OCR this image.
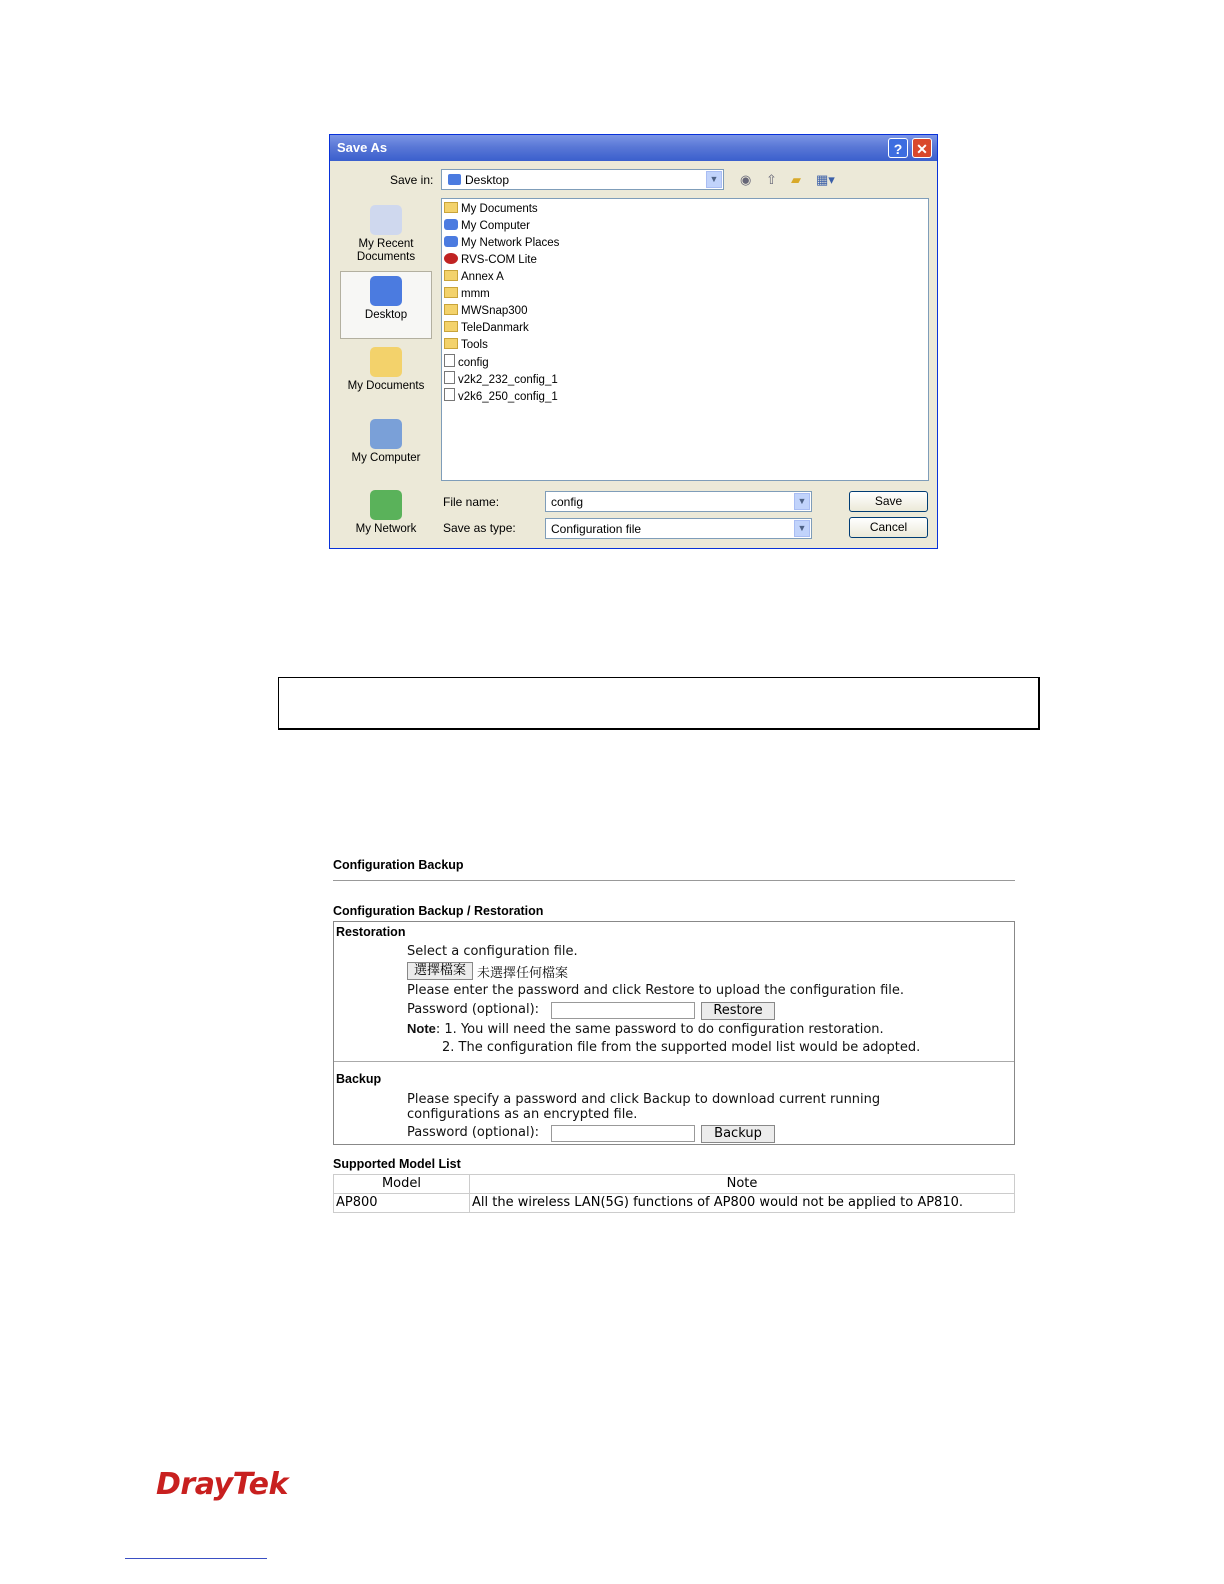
Save As	? ✕
Save in:	Desktop	▼ ◉ ⇧ ▰ ▦▾
My Recent Documents
Desktop
My Documents
My Computer
My Network
My Documents
My Computer
My Network Places
RVS-COM Lite
Annex A
mmm
MWSnap300
TeleDanmark
Tools
config
v2k2_232_config_1
v2k6_250_config_1
File name:	config	▼
Save as type:	Configuration file	▼
Save
Cancel
Configuration Backup
Configuration Backup / Restoration
Restoration
Select a configuration file.
選擇檔案 未選擇任何檔案
Please enter the password and click Restore to upload the configuration file.
Password (optional):	Restore
Note: 1. You will need the same password to do configuration restoration.
2. The configuration file from the supported model list would be adopted.
Backup
Please specify a password and click Backup to download current running
configurations as an encrypted file.
Password (optional):	Backup
Supported Model List
Model	Note
AP800	All the wireless LAN(5G) functions of AP800 would not be applied to AP810.
DrayTek
